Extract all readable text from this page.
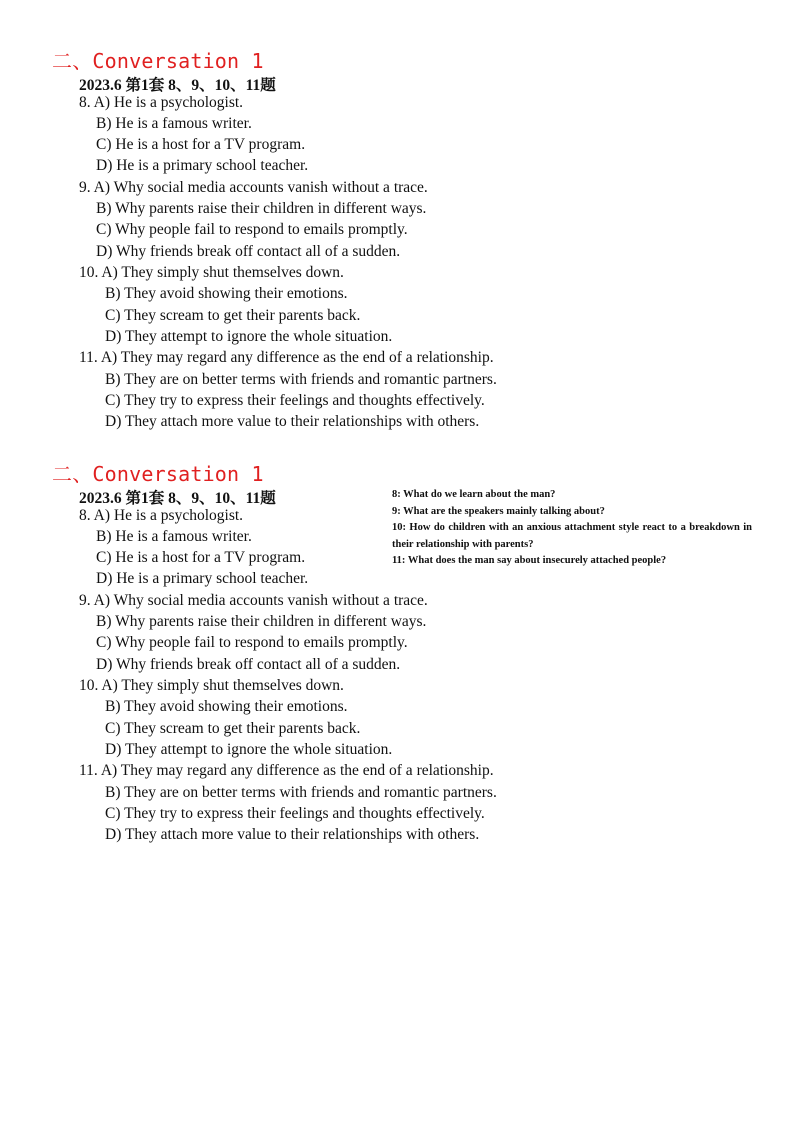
二、Conversation 1
2023.6 第1套 8、9、10、11题
8. A) He is a psychologist.
B) He is a famous writer.
C) He is a host for a TV program.
D) He is a primary school teacher.
9. A) Why social media accounts vanish without a trace.
B) Why parents raise their children in different ways.
C) Why people fail to respond to emails promptly.
D) Why friends break off contact all of a sudden.
10. A) They simply shut themselves down.
B) They avoid showing their emotions.
C) They scream to get their parents back.
D) They attempt to ignore the whole situation.
11. A) They may regard any difference as the end of a relationship.
B) They are on better terms with friends and romantic partners.
C) They try to express their feelings and thoughts effectively.
D) They attach more value to their relationships with others.
二、Conversation 1
2023.6 第1套 8、9、10、11题
8. A) He is a psychologist.
B) He is a famous writer.
C) He is a host for a TV program.
D) He is a primary school teacher.
9. A) Why social media accounts vanish without a trace.
B) Why parents raise their children in different ways.
C) Why people fail to respond to emails promptly.
D) Why friends break off contact all of a sudden.
10. A) They simply shut themselves down.
B) They avoid showing their emotions.
C) They scream to get their parents back.
D) They attempt to ignore the whole situation.
11. A) They may regard any difference as the end of a relationship.
B) They are on better terms with friends and romantic partners.
C) They try to express their feelings and thoughts effectively.
D) They attach more value to their relationships with others.
8: What do we learn about the man?
9: What are the speakers mainly talking about?
10: How do children with an anxious attachment style react to a breakdown in their relationship with parents?
11: What does the man say about insecurely attached people?
